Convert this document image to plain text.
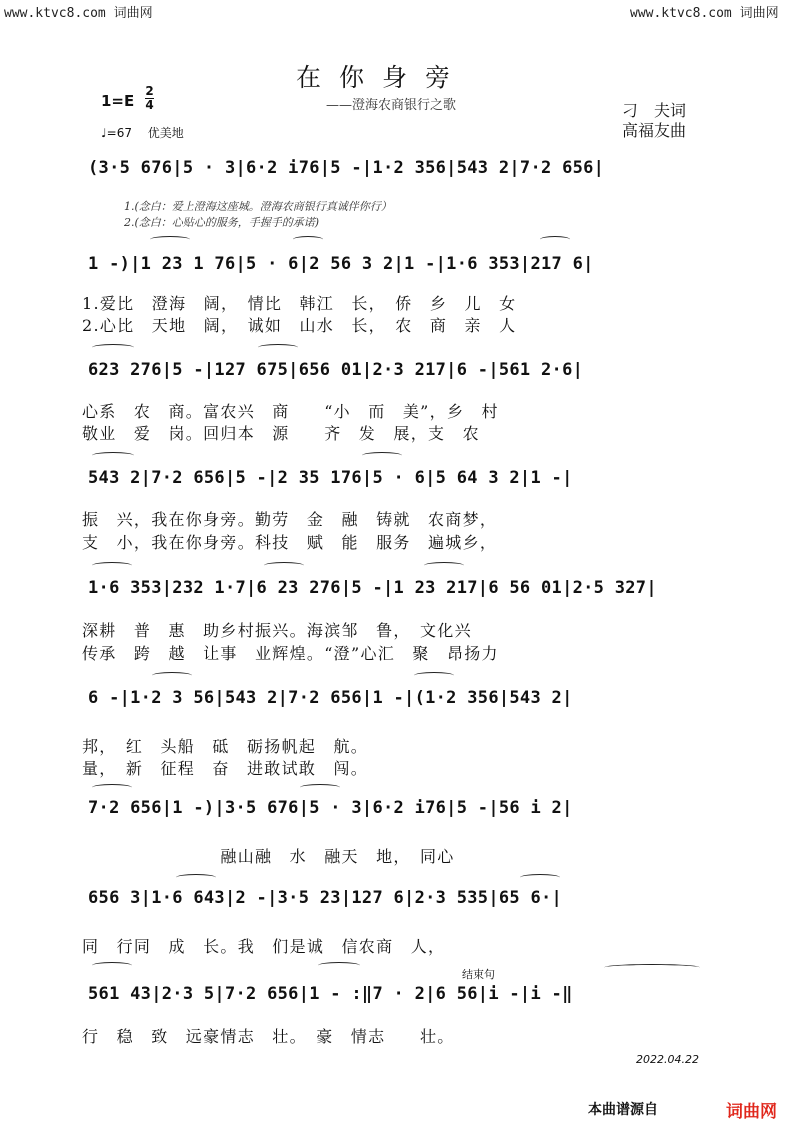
www.ktvc8.com 词曲网	www.ktvc8.com 词曲网
在你身旁
——澄海农商银行之歌
1=E
2
4
♩=67　 优美地
刁　夫词
高福友曲
(3·5 676|5 · 3|6·2 i76|5 -|1·2 356|543 2|7·2 656|
1.(念白：爱上澄海这座城。澄海农商银行真诚伴你行）
2.(念白：心贴心的服务，手握手的承诺)
1 -)|1 23 1 76|5 · 6|2 56 3 2|1 -|1·6 353|217 6|
1.爱比　澄海　阔，　情比　韩江　长，　侨　乡　儿　女
2.心比　天地　阔，　诚如　山水　长，　农　商　亲　人
623 276|5 -|127 675|656 01|2·3 217|6 -|561 2·6|
心系　农　商。富农兴　商　　“小　而　美”，乡　村
敬业　爱　岗。回归本　源　　齐　发　展，支　农
543 2|7·2 656|5 -|2 35 176|5 · 6|5 64 3 2|1 -|
振　兴，我在你身旁。勤劳　金　融　铸就　农商梦，
支　小，我在你身旁。科技　赋　能　服务　遍城乡，
1·6 353|232 1·7|6 23 276|5 -|1 23 217|6 56 01|2·5 327|
深耕　普　惠　助乡村振兴。海滨邹　鲁，　文化兴
传承　跨　越　让事　业辉煌。“澄”心汇　聚　昂扬力
6 -|1·2 3 56|543 2|7·2 656|1 -|(1·2 356|543 2|
邦，　红　头船　砥　砺扬帆起　航。
量，　新　征程　奋　进敢试敢　闯。
7·2 656|1 -)|3·5 676|5 · 3|6·2 i76|5 -|56 i 2|
　　　　　　　　融山融　水　融天　地，　同心
656 3|1·6 643|2 -|3·5 23|127 6|2·3 535|65 6·|
同　行同　成　长。我　们是诚　信农商　人，
结束句
561 43|2·3 5|7·2 656|1 - :‖7 · 2|6 56|i -|i -‖
行　稳　致　远豪情志　壮。　豪　情志　　壮。
2022.04.22
本曲谱源自	词曲网
